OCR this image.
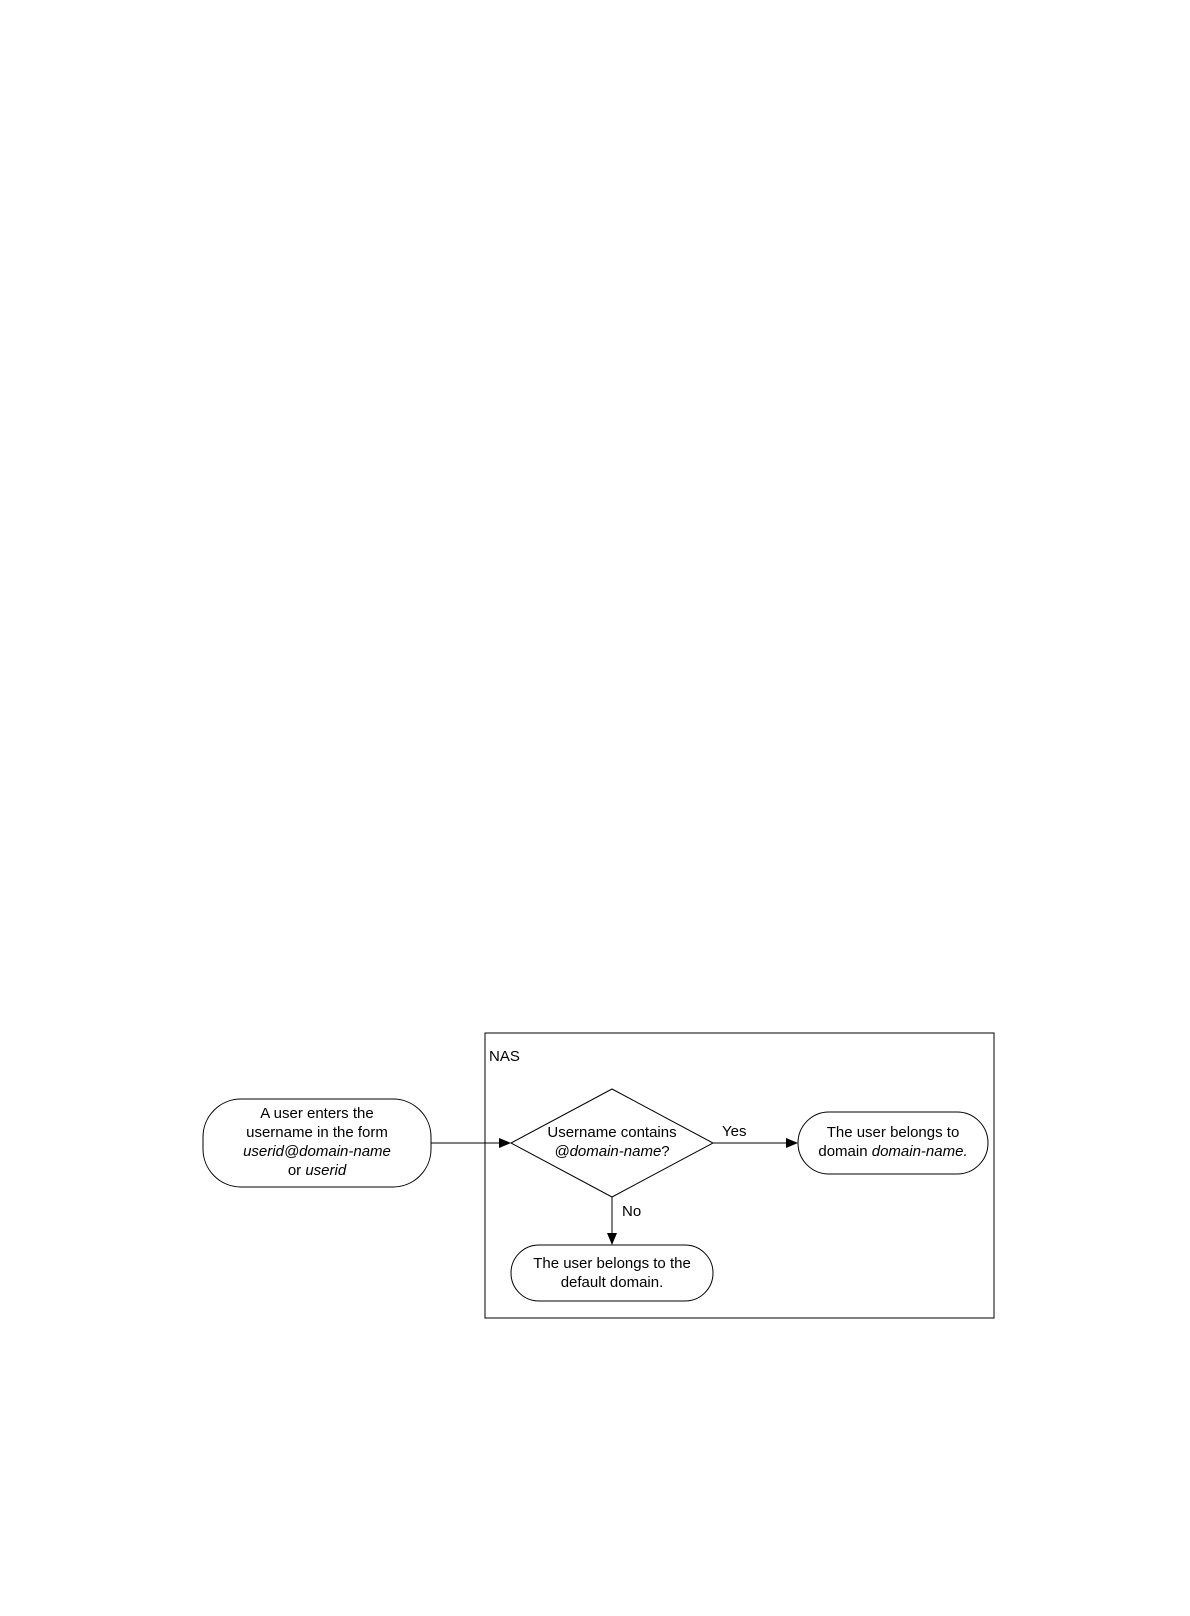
NAS
A user enters the
username in the form
userid@domain-name
or userid
Username contains
@domain-name?
Yes	The user belongs to
domain domain-name.
No
The user belongs to the
default domain.
